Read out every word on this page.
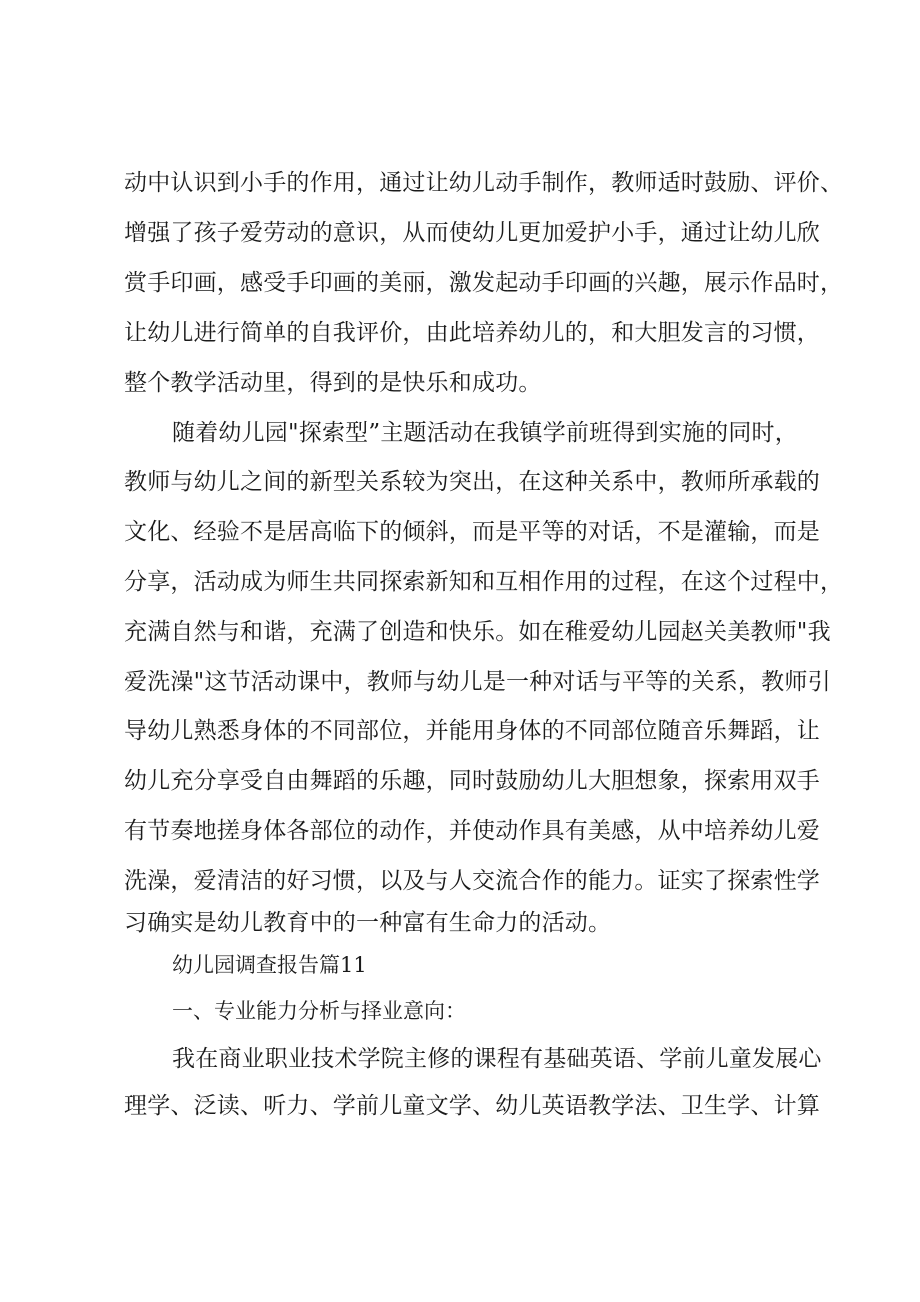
动中认识到小手的作用，通过让幼儿动手制作，教师适时鼓励、评价、
增强了孩子爱劳动的意识，从而使幼儿更加爱护小手，通过让幼儿欣
赏手印画，感受手印画的美丽，激发起动手印画的兴趣，展示作品时，
让幼儿进行简单的自我评价，由此培养幼儿的，和大胆发言的习惯，
整个教学活动里，得到的是快乐和成功。
随着幼儿园"探索型”主题活动在我镇学前班得到实施的同时，
教师与幼儿之间的新型关系较为突出，在这种关系中，教师所承载的
文化、经验不是居高临下的倾斜，而是平等的对话，不是灌输，而是
分享，活动成为师生共同探索新知和互相作用的过程，在这个过程中，
充满自然与和谐，充满了创造和快乐。如在稚爱幼儿园赵关美教师"我
爱洗澡"这节活动课中，教师与幼儿是一种对话与平等的关系，教师引
导幼儿熟悉身体的不同部位，并能用身体的不同部位随音乐舞蹈，让
幼儿充分享受自由舞蹈的乐趣，同时鼓励幼儿大胆想象，探索用双手
有节奏地搓身体各部位的动作，并使动作具有美感，从中培养幼儿爱
洗澡，爱清洁的好习惯，以及与人交流合作的能力。证实了探索性学
习确实是幼儿教育中的一种富有生命力的活动。
幼儿园调查报告篇11
一、专业能力分析与择业意向：
我在商业职业技术学院主修的课程有基础英语、学前儿童发展心
理学、泛读、听力、学前儿童文学、幼儿英语教学法、卫生学、计算
